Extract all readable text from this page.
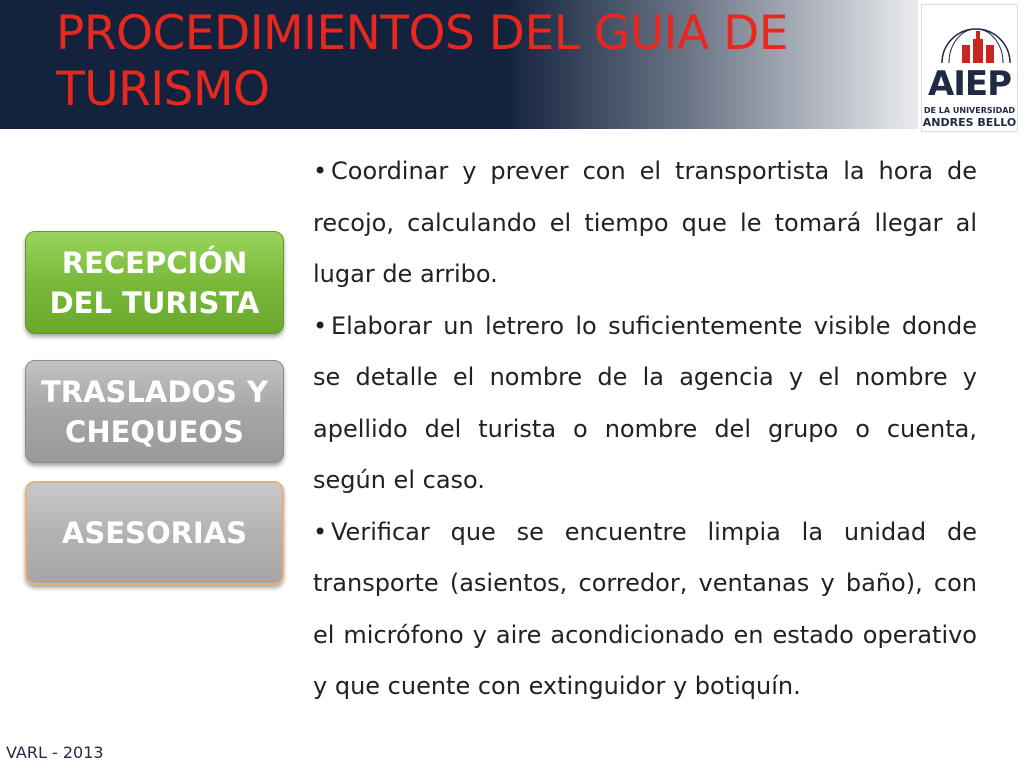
PROCEDIMIENTOS DEL GUIA DE TURISMO	AIEP
DE LA UNIVERSIDAD
ANDRES BELLO
RECEPCIÓN
DEL TURISTA
TRASLADOS Y
CHEQUEOS
ASESORIAS
• Coordinar y prever con el transportista la hora de recojo, calculando el tiempo que le tomará llegar al lugar de arribo.
• Elaborar un letrero lo suficientemente visible donde se detalle el nombre de la agencia y el nombre y apellido del turista o nombre del grupo o cuenta, según el caso.
• Verificar que se encuentre limpia la unidad de transporte (asientos, corredor, ventanas y baño), con el micrófono y aire acondicionado en estado operativo y que cuente con extinguidor y botiquín.
VARL - 2013
